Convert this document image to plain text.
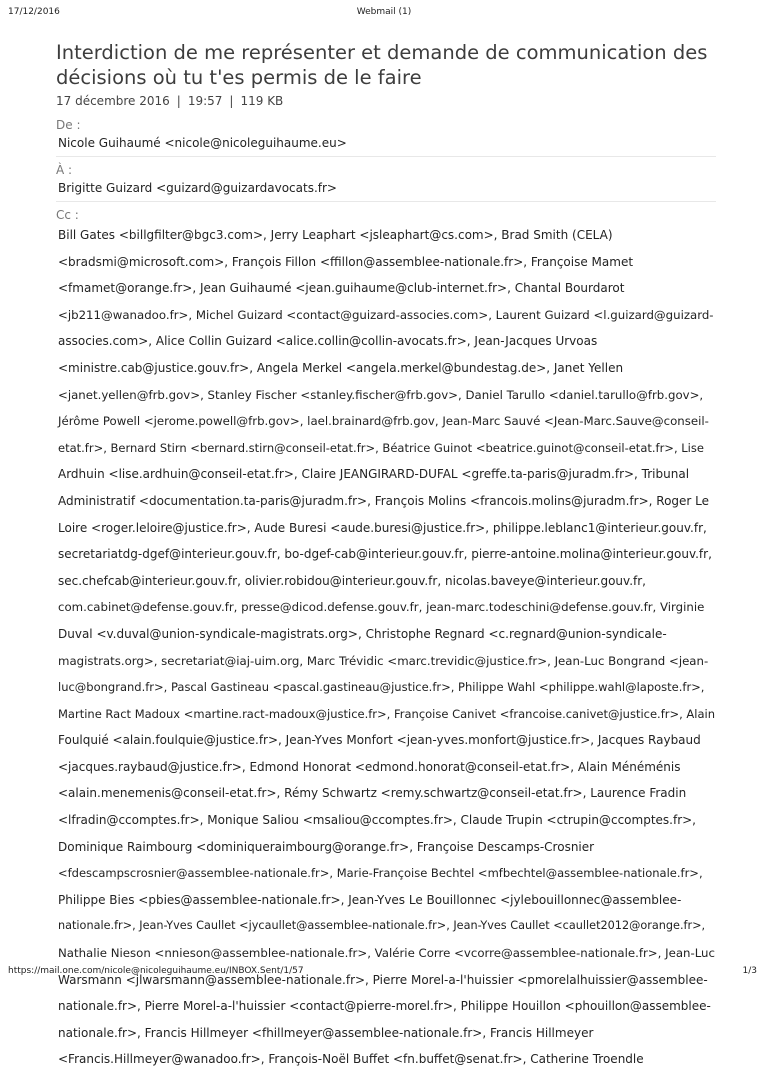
17/12/2016	Webmail (1)
Interdiction de me représenter et demande de communication des décisions où tu t'es permis de le faire
17 décembre 2016 | 19:57 | 119 KB
De :
Nicole Guihaumé <nicole@nicoleguihaume.eu>
À :
Brigitte Guizard <guizard@guizardavocats.fr>
Cc :
Bill Gates <billgfilter@bgc3.com>, Jerry Leaphart <jsleaphart@cs.com>, Brad Smith (CELA)
<bradsmi@microsoft.com>, François Fillon <ffillon@assemblee-nationale.fr>, Françoise Mamet
<fmamet@orange.fr>, Jean Guihaumé <jean.guihaume@club-internet.fr>, Chantal Bourdarot
<jb211@wanadoo.fr>, Michel Guizard <contact@guizard-associes.com>, Laurent Guizard <l.guizard@guizard-
associes.com>, Alice Collin Guizard <alice.collin@collin-avocats.fr>, Jean-Jacques Urvoas
<ministre.cab@justice.gouv.fr>, Angela Merkel <angela.merkel@bundestag.de>, Janet Yellen
<janet.yellen@frb.gov>, Stanley Fischer <stanley.fischer@frb.gov>, Daniel Tarullo <daniel.tarullo@frb.gov>,
Jérôme Powell <jerome.powell@frb.gov>, lael.brainard@frb.gov, Jean-Marc Sauvé <Jean-Marc.Sauve@conseil-
etat.fr>, Bernard Stirn <bernard.stirn@conseil-etat.fr>, Béatrice Guinot <beatrice.guinot@conseil-etat.fr>, Lise
Ardhuin <lise.ardhuin@conseil-etat.fr>, Claire JEANGIRARD-DUFAL <greffe.ta-paris@juradm.fr>, Tribunal
Administratif <documentation.ta-paris@juradm.fr>, François Molins <francois.molins@juradm.fr>, Roger Le
Loire <roger.leloire@justice.fr>, Aude Buresi <aude.buresi@justice.fr>, philippe.leblanc1@interieur.gouv.fr,
secretariatdg-dgef@interieur.gouv.fr, bo-dgef-cab@interieur.gouv.fr, pierre-antoine.molina@interieur.gouv.fr,
sec.chefcab@interieur.gouv.fr, olivier.robidou@interieur.gouv.fr, nicolas.baveye@interieur.gouv.fr,
com.cabinet@defense.gouv.fr, presse@dicod.defense.gouv.fr, jean-marc.todeschini@defense.gouv.fr, Virginie
Duval <v.duval@union-syndicale-magistrats.org>, Christophe Regnard <c.regnard@union-syndicale-
magistrats.org>, secretariat@iaj-uim.org, Marc Trévidic <marc.trevidic@justice.fr>, Jean-Luc Bongrand <jean-
luc@bongrand.fr>, Pascal Gastineau <pascal.gastineau@justice.fr>, Philippe Wahl <philippe.wahl@laposte.fr>,
Martine Ract Madoux <martine.ract-madoux@justice.fr>, Françoise Canivet <francoise.canivet@justice.fr>, Alain
Foulquié <alain.foulquie@justice.fr>, Jean-Yves Monfort <jean-yves.monfort@justice.fr>, Jacques Raybaud
<jacques.raybaud@justice.fr>, Edmond Honorat <edmond.honorat@conseil-etat.fr>, Alain Ménéménis
<alain.menemenis@conseil-etat.fr>, Rémy Schwartz <remy.schwartz@conseil-etat.fr>, Laurence Fradin
<lfradin@ccomptes.fr>, Monique Saliou <msaliou@ccomptes.fr>, Claude Trupin <ctrupin@ccomptes.fr>,
Dominique Raimbourg <dominiqueraimbourg@orange.fr>, Françoise Descamps-Crosnier
<fdescampscrosnier@assemblee-nationale.fr>, Marie-Françoise Bechtel <mfbechtel@assemblee-nationale.fr>,
Philippe Bies <pbies@assemblee-nationale.fr>, Jean-Yves Le Bouillonnec <jylebouillonnec@assemblee-
nationale.fr>, Jean-Yves Caullet <jycaullet@assemblee-nationale.fr>, Jean-Yves Caullet <caullet2012@orange.fr>,
Nathalie Nieson <nnieson@assemblee-nationale.fr>, Valérie Corre <vcorre@assemblee-nationale.fr>, Jean-Luc
Warsmann <jlwarsmann@assemblee-nationale.fr>, Pierre Morel-a-l'huissier <pmorelalhuissier@assemblee-
nationale.fr>, Pierre Morel-a-l'huissier <contact@pierre-morel.fr>, Philippe Houillon <phouillon@assemblee-
nationale.fr>, Francis Hillmeyer <fhillmeyer@assemblee-nationale.fr>, Francis Hillmeyer
<Francis.Hillmeyer@wanadoo.fr>, François-Noël Buffet <fn.buffet@senat.fr>, Catherine Troendle
https://mail.one.com/nicole@nicoleguihaume.eu/INBOX.Sent/1/57	1/3
